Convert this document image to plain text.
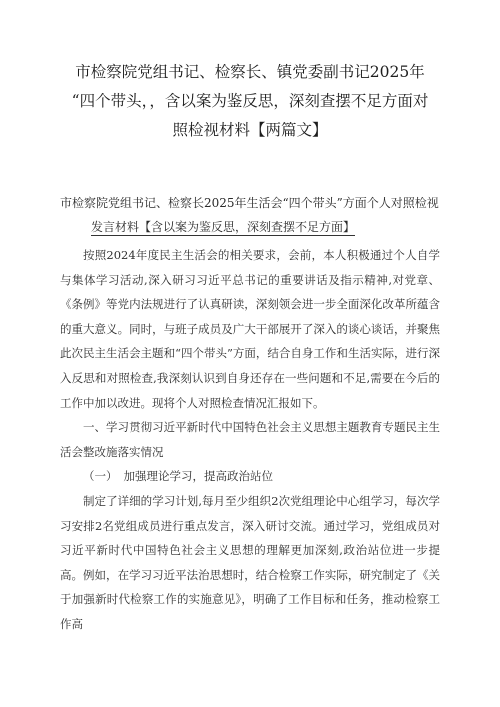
市检察院党组书记、检察长、镇党委副书记2025年
“四个带头，，含以案为鉴反思，深刻查摆不足方面对
照检视材料【两篇文】
市检察院党组书记、检察长2025年生活会“四个带头”方面个人对照检视
发言材料【含以案为鉴反思，深刻查摆不足方面】

按照2024年度民主生活会的相关要求，会前，本人积极通过个人自学与集体学习活动,深入研习习近平总书记的重要讲话及指示精神,对党章、《条例》等党内法规进行了认真研读，深刻领会进一步全面深化改革所蕴含的重大意义。同时，与班子成员及广大干部展开了深入的谈心谈话，并聚焦此次民主生活会主题和“四个带头”方面，结合自身工作和生活实际，进行深入反思和对照检查,我深刻认识到自身还存在一些问题和不足,需要在今后的工作中加以改进。现将个人对照检查情况汇报如下。

一、学习贯彻习近平新时代中国特色社会主义思想主题教育专题民主生活会整改施落实情况

（一） 加强理论学习，提高政治站位

制定了详细的学习计划,每月至少组织2次党组理论中心组学习，每次学习安排2名党组成员进行重点发言，深入研讨交流。通过学习，党组成员对习近平新时代中国特色社会主义思想的理解更加深刻,政治站位进一步提高。例如，在学习习近平法治思想时，结合检察工作实际，研究制定了《关于加强新时代检察工作的实施意见》，明确了工作目标和任务，推动检察工作高
